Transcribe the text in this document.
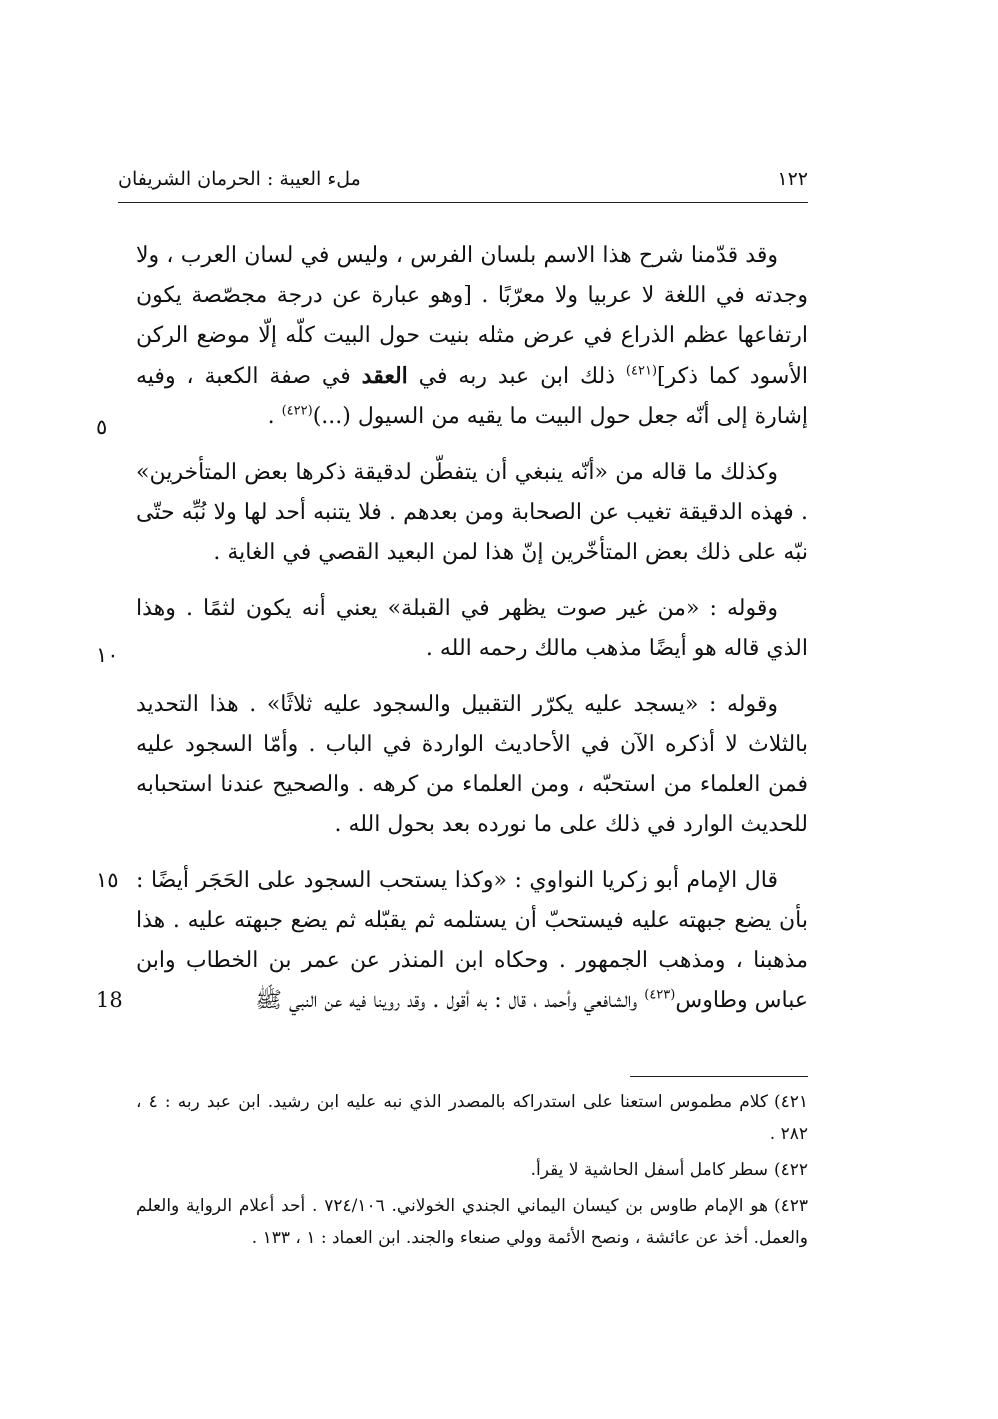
١٢٢
ملء العيبة : الحرمان الشريفان

وقد قدّمنا شرح هذا الاسم بلسان الفرس ، وليس في لسان العرب ، ولا وجدته في اللغة لا عربيا ولا معرّبًا . [وهو عبارة عن درجة مجصّصة يكون ارتفاعها عظم الذراع في عرض مثله بنيت حول البيت كلّه إلّا موضع الركن الأسود كما ذكر]$^{(٤٢١)}$ ذلك ابن عبد ربه في العقد في صفة الكعبة ، وفيه إشارة إلى أنّه جعل حول البيت ما يقيه من السيول (...)$^{(٤٢٢)}$ .

وكذلك ما قاله من «أنّه ينبغي أن يتفطّن لدقيقة ذكرها بعض المتأخرين» . فهذه الدقيقة تغيب عن الصحابة ومن بعدهم . فلا يتنبه أحد لها ولا نُبِّه حتّى نبّه على ذلك بعض المتأخّرين إنّ هذا لمن البعيد القصي في الغاية .

وقوله : «من غير صوت يظهر في القبلة» يعني أنه يكون لثمًا . وهذا الذي قاله هو أيضًا مذهب مالك رحمه الله .

وقوله : «يسجد عليه يكرّر التقبيل والسجود عليه ثلاثًا» . هذا التحديد بالثلاث لا أذكره الآن في الأحاديث الواردة في الباب . وأمّا السجود عليه فمن العلماء من استحبّه ، ومن العلماء من كرهه . والصحيح عندنا استحبابه للحديث الوارد في ذلك على ما نورده بعد بحول الله .

قال الإمام أبو زكريا النواوي : «وكذا يستحب السجود على الحَجَر أيضًا : بأن يضع جبهته عليه فيستحبّ أن يستلمه ثم يقبّله ثم يضع جبهته عليه . هذا مذهبنا ، ومذهب الجمهور . وحكاه ابن المنذر عن عمر بن الخطاب وابن عباس وطاوس$^{(٤٢٣)}$ والشافعي وأحمد ، قال : به أقول . وقد روينا فيه عن النبي ﷺ

٥
١٠
١٥
18
٤٢١)كلام مطموس استعنا على استدراكه بالمصدر الذي نبه عليه ابن رشيد. ابن عبد ربه : ٤ ، ٢٨٢ .
٤٢٢)سطر كامل أسفل الحاشية لا يقرأ.
٤٢٣)هو الإمام طاوس بن كيسان اليماني الجندي الخولاني. ٧٢٤/١٠٦ . أحد أعلام الرواية والعلم والعمل. أخذ عن عائشة ، ونصح الأئمة وولي صنعاء والجند. ابن العماد : ١ ، ١٣٣ .
